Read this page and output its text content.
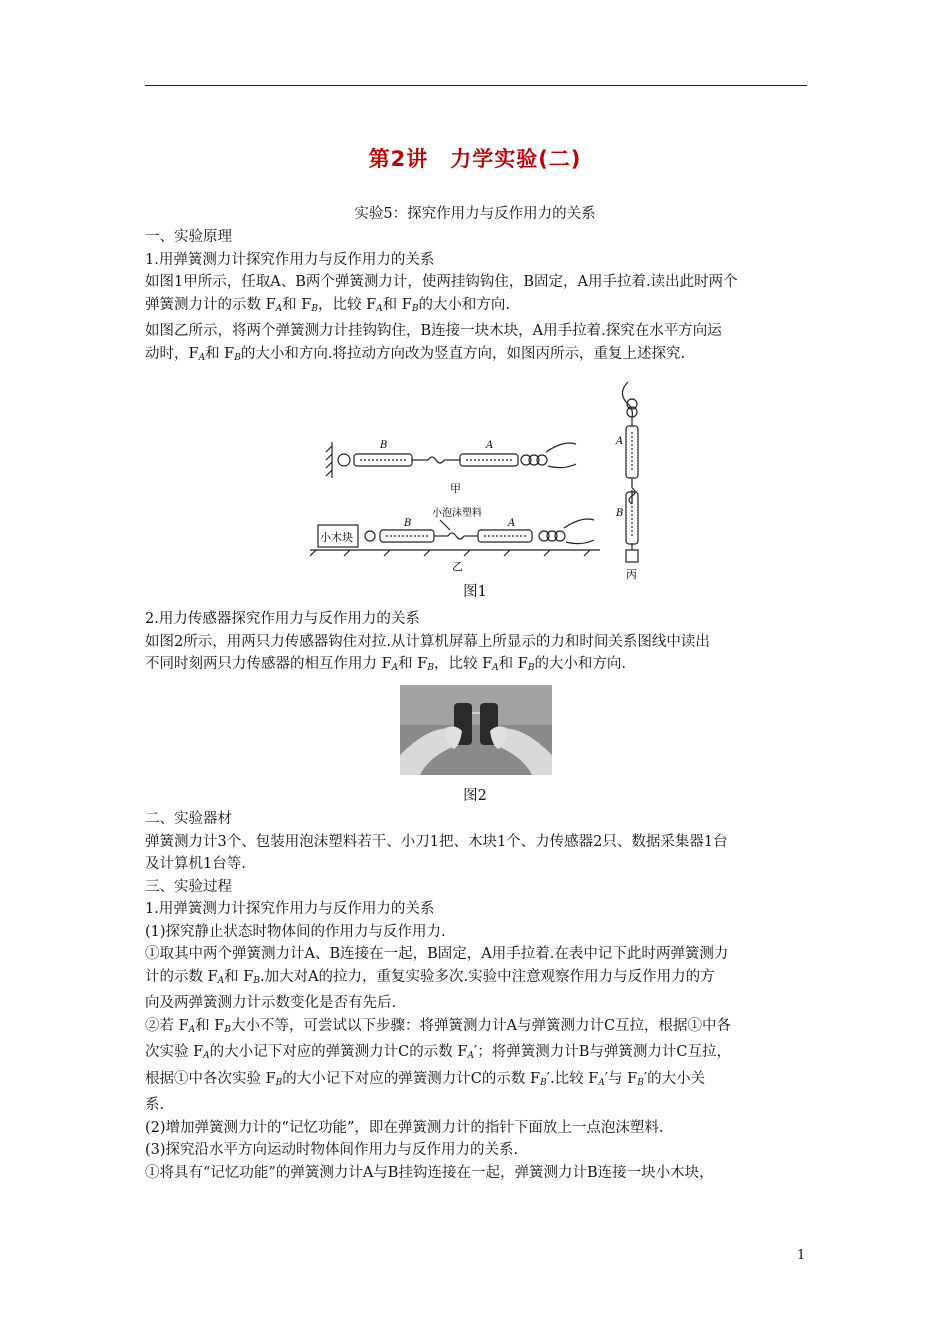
第2讲　力学实验(二)
实验5：探究作用力与反作用力的关系
一、实验原理
1.用弹簧测力计探究作用力与反作用力的关系
如图1甲所示，任取A、B两个弹簧测力计，使两挂钩钩住，B固定，A用手拉着.读出此时两个
弹簧测力计的示数 $F_A$和 $F_B$，比较 $F_A$和 $F_B$的大小和方向.
如图乙所示，将两个弹簧测力计挂钩钩住，B连接一块木块，A用手拉着.探究在水平方向运
动时，$F_A$和 $F_B$的大小和方向.将拉动方向改为竖直方向，如图丙所示，重复上述探究.
B	A
甲
小木块
B
小泡沫塑料
A
乙
A
B
丙
图1
2.用力传感器探究作用力与反作用力的关系
如图2所示，用两只力传感器钩住对拉.从计算机屏幕上所显示的力和时间关系图线中读出
不同时刻两只力传感器的相互作用力 $F_A$和 $F_B$，比较 $F_A$和 $F_B$的大小和方向.
图2
二、实验器材
弹簧测力计3个、包装用泡沫塑料若干、小刀1把、木块1个、力传感器2只、数据采集器1台
及计算机1台等.
三、实验过程
1.用弹簧测力计探究作用力与反作用力的关系
(1)探究静止状态时物体间的作用力与反作用力.
①取其中两个弹簧测力计A、B连接在一起，B固定，A用手拉着.在表中记下此时两弹簧测力
计的示数 $F_A$和 $F_B$.加大对A的拉力，重复实验多次.实验中注意观察作用力与反作用力的方
向及两弹簧测力计示数变化是否有先后.
②若 $F_A$和 $F_B$大小不等，可尝试以下步骤：将弹簧测力计A与弹簧测力计C互拉，根据①中各
次实验 $F_A$的大小记下对应的弹簧测力计C的示数 $F_A'$；将弹簧测力计B与弹簧测力计C互拉，
根据①中各次实验 $F_B$的大小记下对应的弹簧测力计C的示数 $F_B'$.比较 $F_A'$与 $F_B'$的大小关
系.
(2)增加弹簧测力计的“记忆功能”，即在弹簧测力计的指针下面放上一点泡沫塑料.
(3)探究沿水平方向运动时物体间作用力与反作用力的关系.
①将具有“记忆功能”的弹簧测力计A与B挂钩连接在一起，弹簧测力计B连接一块小木块，
1
